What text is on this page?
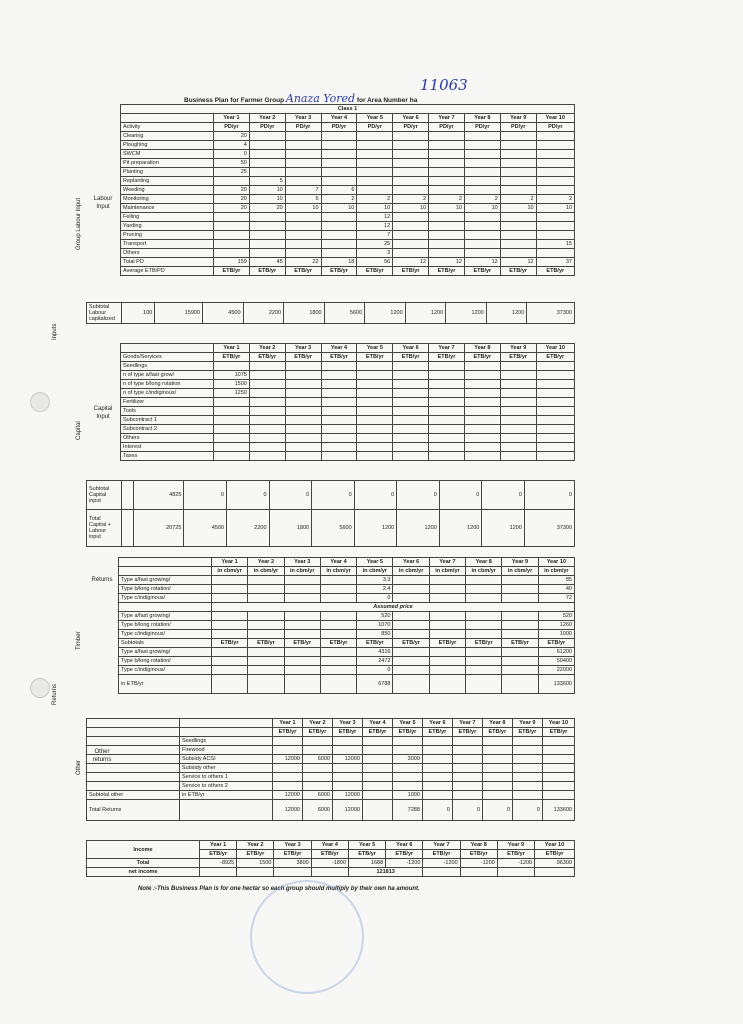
11063
Business Plan for Farmer Group Anaza Yored for Area Number ha
Inputs
Group Labour Input
Capital
Returns
Timber
Other
Labour Input
Capital Input
Returns
Other returns
Class 1										
	Year 1	Year 2	Year 3	Year 4	Year 5	Year 6	Year 7	Year 8	Year 9	Year 10
Activity	PD/yr	PD/yr	PD/yr	PD/yr	PD/yr	PD/yr	PD/yr	PD/yr	PD/yr	PD/yr
Clearing	20									
Ploughing	4									
SWCM	0									
Pit preparation	50									
Planting	25									
Replanting		5								
Weeding	20	10	7	6						
Monitoring	20	10	5	2	2	2	2	2	2	2
Maintenance	20	20	10	10	10	10	10	10	10	10
Felling					12					
Yarding					12					
Pruning					7					
Transport					25					15
Others					3					
Total PD	159	45	22	18	56	12	12	12	12	37
Average ETB/PD	ETB/yr	ETB/yr	ETB/yr	ETB/yr	ETB/yr	ETB/yr	ETB/yr	ETB/yr	ETB/yr	ETB/yr
Subtotal Labour capitalized	100	15900	4500	2200	1800	5600	1200	1200	1200	1200	37300
	Year 1	Year 2	Year 3	Year 4	Year 5	Year 6	Year 7	Year 8	Year 9	Year 10
Goods/Services	ETB/yr	ETB/yr	ETB/yr	ETB/yr	ETB/yr	ETB/yr	ETB/yr	ETB/yr	ETB/yr	ETB/yr
Seedlings										
n of type a/fast grow/	1075									
n of type b/long rotation	1500									
n of type c/indiginous/	1250									
Fertilizer										
Tools										
Subcontract 1										
Subcontract 2										
Others										
Interest										
Taxes										
Subtotal Capital input		4825	0	0	0	0	0	0	0	0	0
Total Capital + Labour input		20725	4500	2200	1800	5600	1200	1200	1200	1200	37300
	Year 1	Year 2	Year 3	Year 4	Year 5	Year 6	Year 7	Year 8	Year 9	Year 10
	in cbm/yr	in cbm/yr	in cbm/yr	in cbm/yr	in cbm/yr	in cbm/yr	in cbm/yr	in cbm/yr	in cbm/yr	in cbm/yr
Type a/fast growing/					3.3					85
Type b/long rotation/					2.4					40
Type c/indiginous/					0					72
	Assumed price									
Type a/fast growing/					520					520
Type b/long rotation/					1070					1260
Type c/indiginous/					850					1000
Subtotals	ETB/yr	ETB/yr	ETB/yr	ETB/yr	ETB/yr	ETB/yr	ETB/yr	ETB/yr	ETB/yr	ETB/yr
Type a/fast growing/					4316					61200
Type b/long rotation/					2472					50400
Type c/indiginous/					0					22000
in ETB/yr					6788					133600
		Year 1	Year 2	Year 3	Year 4	Year 5	Year 6	Year 7	Year 8	Year 9	Year 10
		ETB/yr	ETB/yr	ETB/yr	ETB/yr	ETB/yr	ETB/yr	ETB/yr	ETB/yr	ETB/yr	ETB/yr
	Seedlings										
	Firewood										
	Subsidy ACSI	12000	6000	12000		3000					
	Subsidy other										
	Service to others 1										
	Service to others 2										
Subtotal other	in ETB/yr	12000	6000	12000		1000					
Total Returns		12000	6000	12000		7288	0	0	0	0	133600
Income	Year 1	Year 2	Year 3	Year 4	Year 5	Year 6	Year 7	Year 8	Year 9	Year 10
	ETB/yr	ETB/yr	ETB/yr	ETB/yr	ETB/yr	ETB/yr	ETB/yr	ETB/yr	ETB/yr	ETB/yr
Total	-8925	1500	3800	-1800	1688	-1200	-1200	-1200	-1200	96300
net income					121813					
Note :-This Business Plan is for one hectar so each group should multiply by their own ha amount.
